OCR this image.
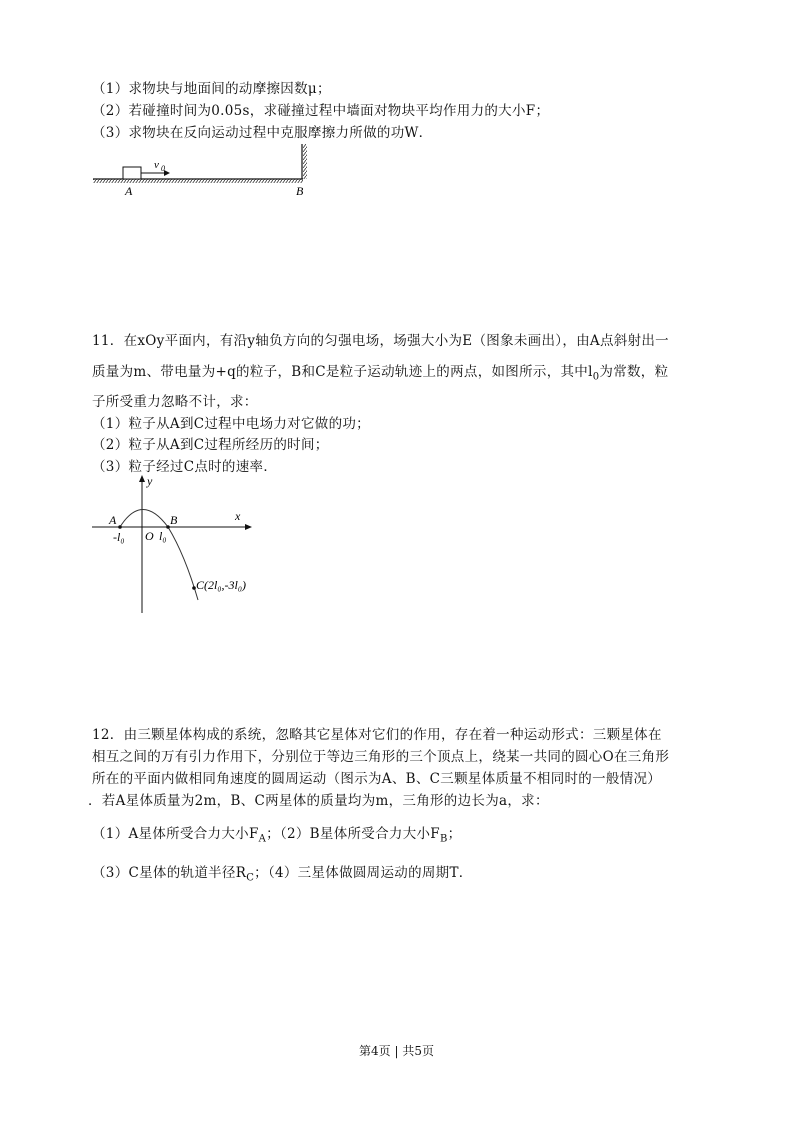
（1）求物块与地面间的动摩擦因数μ；
（2）若碰撞时间为0.05s，求碰撞过程中墙面对物块平均作用力的大小F；
（3）求物块在反向运动过程中克服摩擦力所做的功W．
v 0
A	B
11．在xOy平面内，有沿y轴负方向的匀强电场，场强大小为E（图象未画出），由A点斜射出一
质量为m、带电量为+q的粒子，B和C是粒子运动轨迹上的两点，如图所示，其中$l_0$为常数，粒
子所受重力忽略不计，求：
（1）粒子从A到C过程中电场力对它做的功；
（2）粒子从A到C过程所经历的时间；
（3）粒子经过C点时的速率．
y
x
A	B
O
-l₀	l₀
C(2l₀,-3l₀)
12．由三颗星体构成的系统，忽略其它星体对它们的作用，存在着一种运动形式：三颗星体在
相互之间的万有引力作用下，分别位于等边三角形的三个顶点上，绕某一共同的圆心O在三角形
所在的平面内做相同角速度的圆周运动（图示为A、B、C三颗星体质量不相同时的一般情况）
．若A星体质量为2m，B、C两星体的质量均为m，三角形的边长为a，求：
（1）A星体所受合力大小$F_A$；（2）B星体所受合力大小$F_B$；
（3）C星体的轨道半径$R_C$；（4）三星体做圆周运动的周期T．
第4页 | 共5页
